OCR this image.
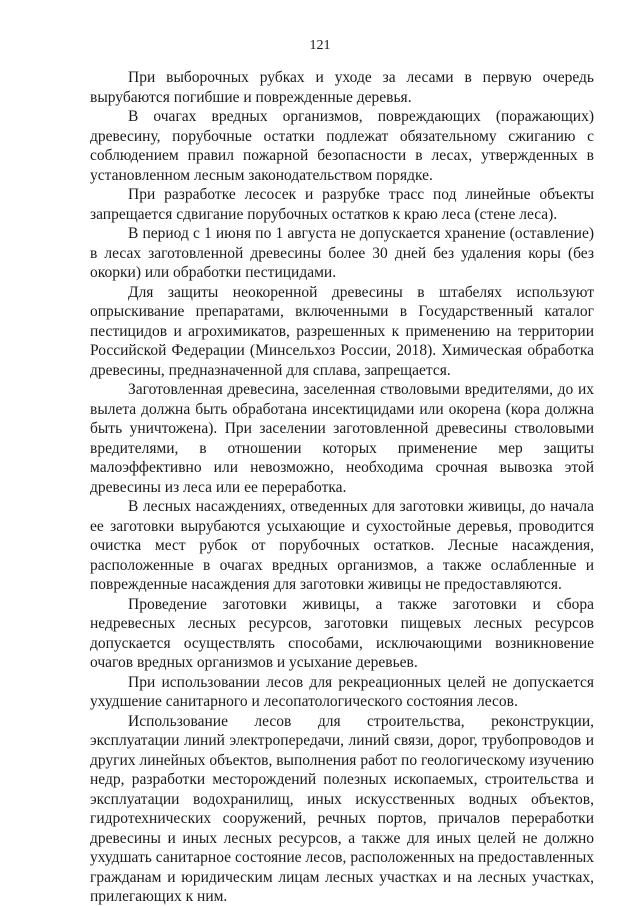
121

При выборочных рубках и уходе за лесами в первую очередь вырубаются погибшие и поврежденные деревья.

В очагах вредных организмов, повреждающих (поражающих) древесину, порубочные остатки подлежат обязательному сжиганию с соблюдением правил пожарной безопасности в лесах, утвержденных в установленном лесным законодательством порядке.

При разработке лесосек и разрубке трасс под линейные объекты запрещается сдвигание порубочных остатков к краю леса (стене леса).

В период с 1 июня по 1 августа не допускается хранение (оставление) в лесах заготовленной древесины более 30 дней без удаления коры (без окорки) или обработки пестицидами.

Для защиты неокоренной древесины в штабелях используют опрыскивание препаратами, включенными в Государственный каталог пестицидов и агрохимикатов, разрешенных к применению на территории Российской Федерации (Минсельхоз России, 2018). Химическая обработка древесины, предназначенной для сплава, запрещается.

Заготовленная древесина, заселенная стволовыми вредителями, до их вылета должна быть обработана инсектицидами или окорена (кора должна быть уничтожена). При заселении заготовленной древесины стволовыми вредителями, в отношении которых применение мер защиты малоэффективно или невозможно, необходима срочная вывозка этой древесины из леса или ее переработка.

В лесных насаждениях, отведенных для заготовки живицы, до начала ее заготовки вырубаются усыхающие и сухостойные деревья, проводится очистка мест рубок от порубочных остатков. Лесные насаждения, расположенные в очагах вредных организмов, а также ослабленные и поврежденные насаждения для заготовки живицы не предоставляются.

Проведение заготовки живицы, а также заготовки и сбора недревесных лесных ресурсов, заготовки пищевых лесных ресурсов допускается осуществлять способами, исключающими возникновение очагов вредных организмов и усыхание деревьев.

При использовании лесов для рекреационных целей не допускается ухудшение санитарного и лесопатологического состояния лесов.

Использование лесов для строительства, реконструкции, эксплуатации линий электропередачи, линий связи, дорог, трубопроводов и других линейных объектов, выполнения работ по геологическому изучению недр, разработки месторождений полезных ископаемых, строительства и эксплуатации водохранилищ, иных искусственных водных объектов, гидротехнических сооружений, речных портов, причалов переработки древесины и иных лесных ресурсов, а также для иных целей не должно ухудшать санитарное состояние лесов, расположенных на предоставленных гражданам и юридическим лицам лесных участках и на лесных участках, прилегающих к ним.
